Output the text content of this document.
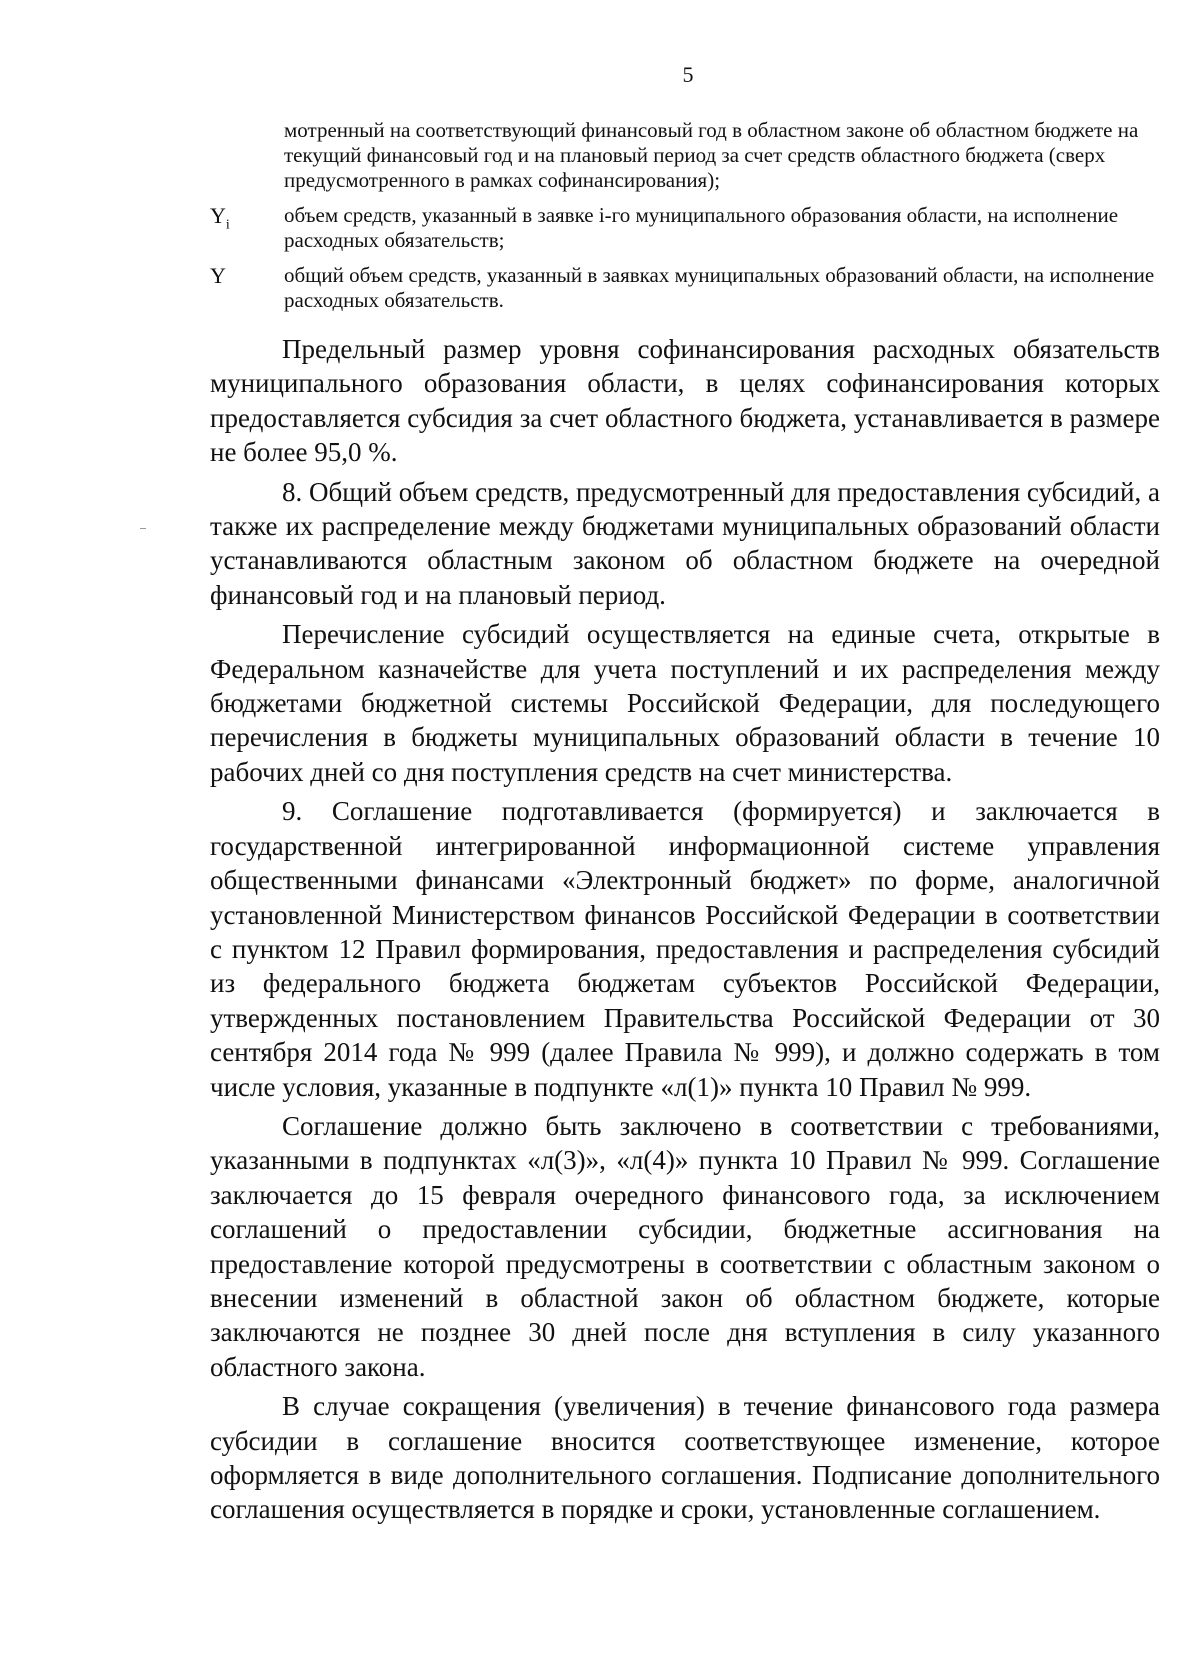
5
мотренный на соответствующий финансовый год в областном законе об областном бюджете на текущий финансовый год и на плановый период за счет средств областного бюджета (сверх предусмотренного в рамках софинансирования);
$Y_i$	объем средств, указанный в заявке i-го муниципального образования области, на исполнение расходных обязательств;
Y	общий объем средств, указанный в заявках муниципальных образований области, на исполнение расходных обязательств.

Предельный размер уровня софинансирования расходных обязательств муниципального образования области, в целях софинансирования которых предоставляется субсидия за счет областного бюджета, устанавливается в размере не более 95,0 %.

8. Общий объем средств, предусмотренный для предоставления субсидий, а также их распределение между бюджетами муниципальных образований области устанавливаются областным законом об областном бюджете на очередной финансовый год и на плановый период.

Перечисление субсидий осуществляется на единые счета, открытые в Федеральном казначействе для учета поступлений и их распределения между бюджетами бюджетной системы Российской Федерации, для последующего перечисления в бюджеты муниципальных образований области в течение 10 рабочих дней со дня поступления средств на счет министерства.

9. Соглашение подготавливается (формируется) и заключается в государственной интегрированной информационной системе управления общественными финансами «Электронный бюджет» по форме, аналогичной установленной Министерством финансов Российской Федерации в соответствии с пунктом 12 Правил формирования, предоставления и распределения субсидий из федерального бюджета бюджетам субъектов Российской Федерации, утвержденных постановлением Правительства Российской Федерации от 30 сентября 2014 года № 999 (далее Правила № 999), и должно содержать в том числе условия, указанные в подпункте «л(1)» пункта 10 Правил № 999.

Соглашение должно быть заключено в соответствии с требованиями, указанными в подпунктах «л(3)», «л(4)» пункта 10 Правил № 999. Соглашение заключается до 15 февраля очередного финансового года, за исключением соглашений о предоставлении субсидии, бюджетные ассигнования на предоставление которой предусмотрены в соответствии с областным законом о внесении изменений в областной закон об областном бюджете, которые заключаются не позднее 30 дней после дня вступления в силу указанного областного закона.

В случае сокращения (увеличения) в течение финансового года размера субсидии в соглашение вносится соответствующее изменение, которое оформляется в виде дополнительного соглашения. Подписание дополнительного соглашения осуществляется в порядке и сроки, установленные соглашением.
